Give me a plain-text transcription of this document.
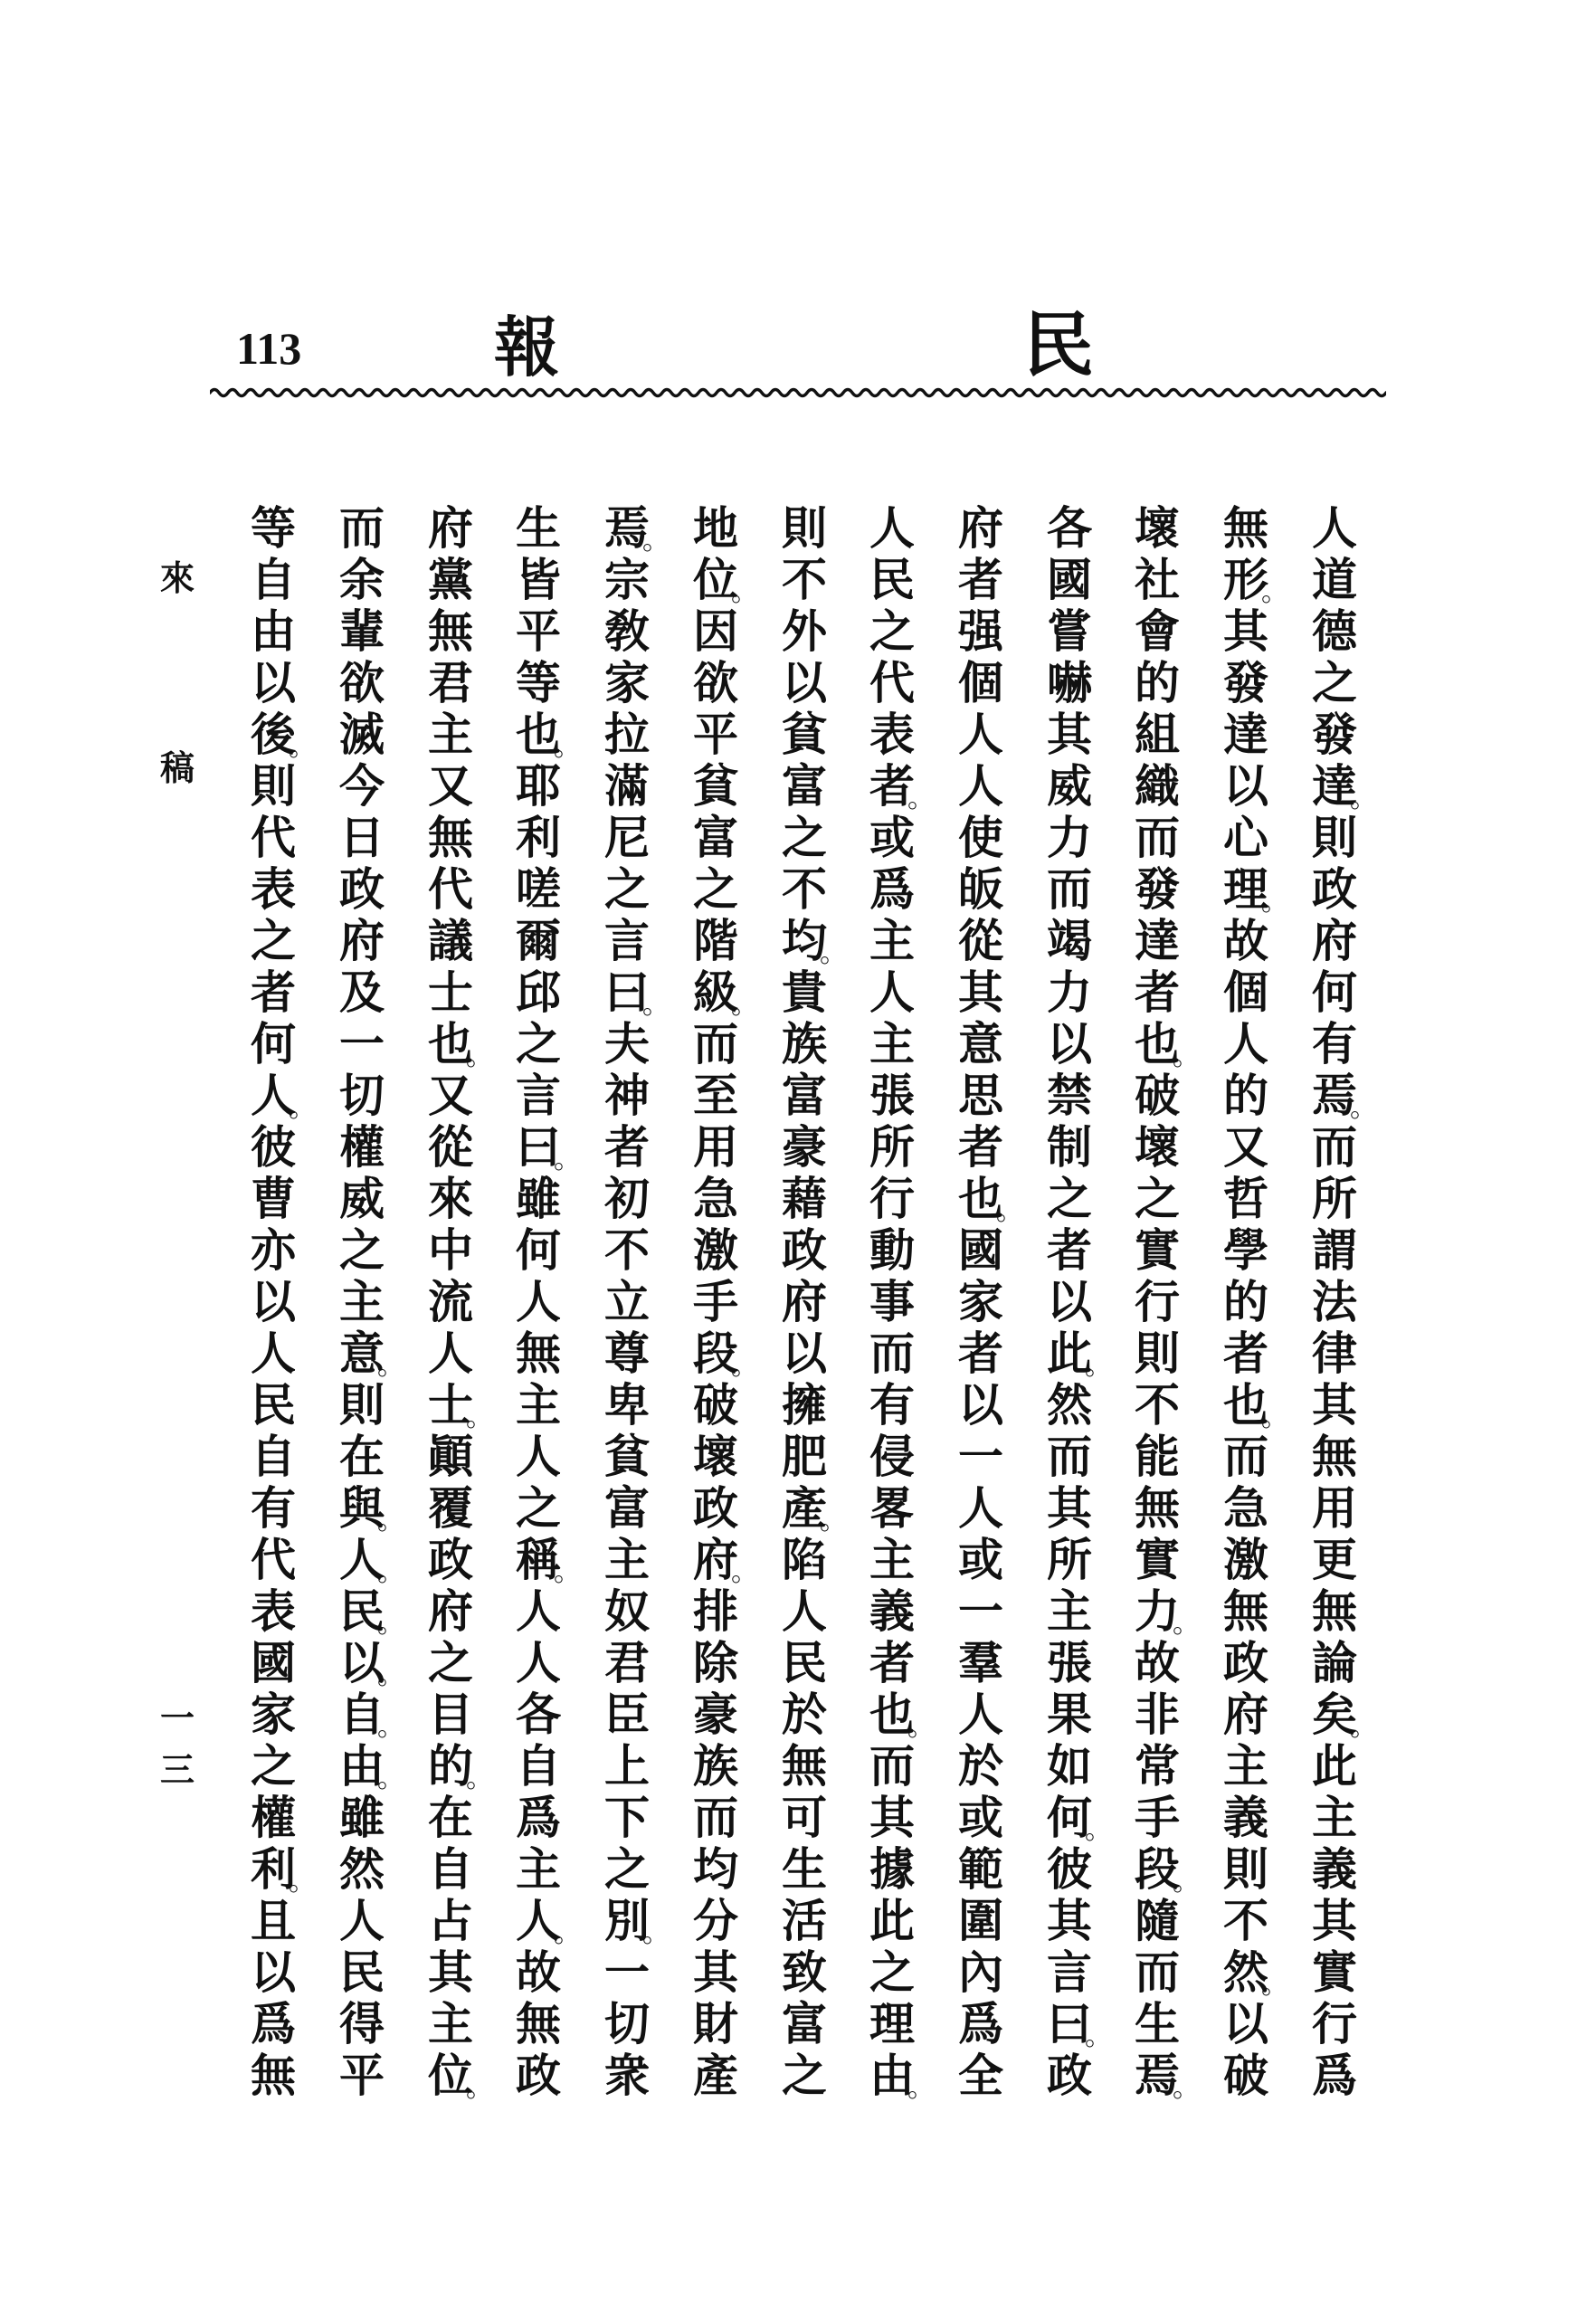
113	報	民
人
道
德
之
發
達
。
則
政
府
何
有
焉
。
而
所
謂
法
律
其
無
用
更
無
論
矣
。
此
主
義
其
實
行
爲
無
形
。
其
發
達
以
心
理
。
故
個
人
的
又
哲
學
的
者
也
。
而
急
激
無
政
府
主
義
則
不
然
。
以
破
壞
社
會
的
組
織
而
發
達
者
也
。
破
壞
之
實
行
則
不
能
無
實
力
。
故
非
常
手
段
。
隨
而
生
焉
。
各
國
嘗
嚇
其
威
力
而
竭
力
以
禁
制
之
者
以
此
。
然
而
其
所
主
張
果
如
何
。
彼
其
言
曰
。
政
府
者
强
個
人
人
使
皈
從
其
意
思
者
也
。
國
家
者
以
一
人
或
一
羣
人
於
或
範
圍
內
爲
全
人
民
之
代
表
者
。
或
爲
主
人
主
張
所
行
動
事
而
有
侵
畧
主
義
者
也
。
而
其
據
此
之
理
由
。
則
不
外
以
貧
富
之
不
均
。
貴
族
富
豪
藉
政
府
以
擁
肥
產
。
陷
人
民
於
無
可
生
活
致
富
之
地
位
。
因
欲
平
貧
富
之
階
級
。
而
至
用
急
激
手
段
。
破
壞
政
府
。
排
除
豪
族
而
均
分
其
財
產
焉
。
宗
敎
家
拉
滿
尼
之
言
曰
。
夫
神
者
初
不
立
尊
卑
貧
富
主
奴
君
臣
上
下
之
別
。
一
切
衆
生
皆
平
等
也
。
耶
利
嗟
爾
邱
之
言
曰
。
雖
何
人
無
主
人
之
稱
。
人
人
各
自
爲
主
人
。
故
無
政
府
黨
無
君
主
又
無
代
議
士
也
。
又
從
來
中
流
人
士
。
顚
覆
政
府
之
目
的
。
在
自
占
其
主
位
。
而
余
輩
欲
滅
今
日
政
府
及
一
切
權
威
之
主
意
。
則
在
與
。
人
。
民
。
以
。
自
。
由
。
雖
然
人
民
得
平
等
自
由
以
後
。
則
代
表
之
者
何
人
。
彼
曹
亦
以
人
民
自
有
代
表
國
家
之
權
利
。
且
以
爲
無
來
稿
一
三
